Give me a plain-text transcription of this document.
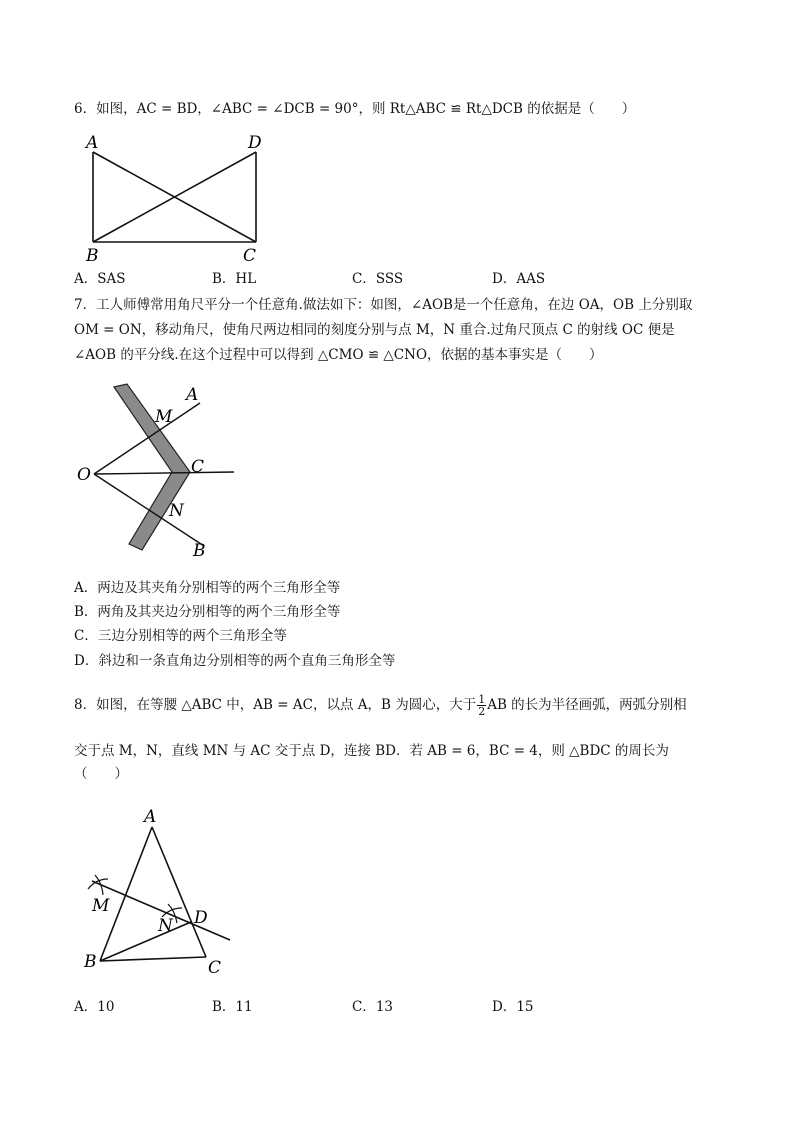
6．如图，AC = BD，∠ABC = ∠DCB = 90°，则 Rt△ABC ≌ Rt△DCB 的依据是（　　）
A	D
B	C
A．SAS	B．HL	C．SSS	D．AAS
7．工人师傅常用角尺平分一个任意角.做法如下：如图，∠AOB是一个任意角，在边 OA，OB 上分别取
OM = ON，移动角尺，使角尺两边相同的刻度分别与点 M，N 重合.过角尺顶点 C 的射线 OC 便是
∠AOB 的平分线.在这个过程中可以得到 △CMO ≌ △CNO，依据的基本事实是（　　）
A
M
O	C
N
B
A．两边及其夹角分别相等的两个三角形全等
B．两角及其夹边分别相等的两个三角形全等
C．三边分别相等的两个三角形全等
D．斜边和一条直角边分别相等的两个直角三角形全等
8．如图，在等腰 △ABC 中，AB = AC，以点 A，B 为圆心，大于 $\frac{1}{2}$ AB 的长为半径画弧，两弧分别相
交于点 M，N，直线 MN 与 AC 交于点 D，连接 BD．若 AB = 6，BC = 4，则 △BDC 的周长为
（　　）
A
M
N D
B	C
A．10	B．11	C．13	D．15
